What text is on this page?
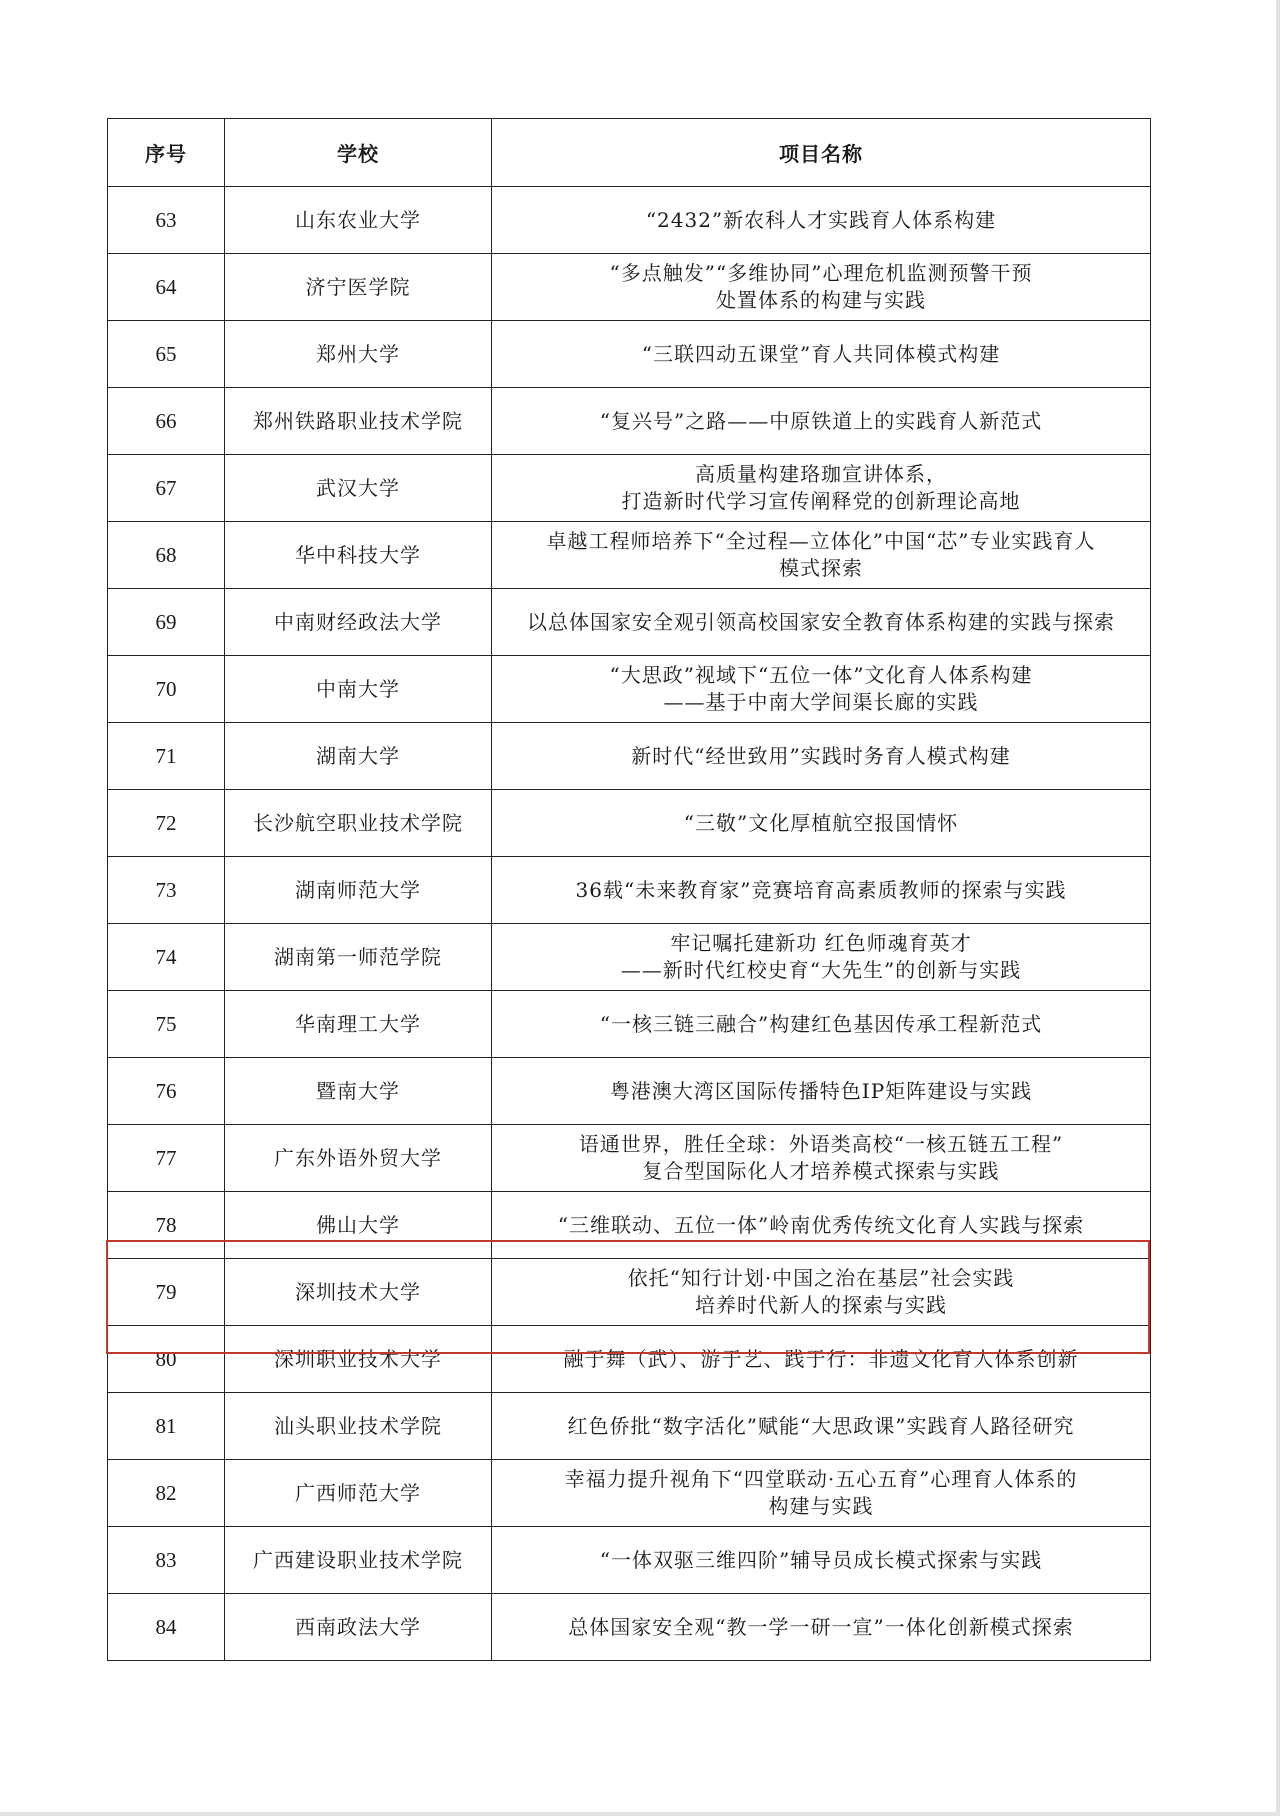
序号	学校	项目名称
63	山东农业大学	“2432”新农科人才实践育人体系构建

64	济宁医学院	“多点触发”“多维协同”心理危机监测预警干预
处置体系的构建与实践

65	郑州大学	“三联四动五课堂”育人共同体模式构建

66	郑州铁路职业技术学院	“复兴号”之路——中原铁道上的实践育人新范式

67	武汉大学	高质量构建珞珈宣讲体系，
打造新时代学习宣传阐释党的创新理论高地

68	华中科技大学	卓越工程师培养下“全过程—立体化”中国“芯”专业实践育人
模式探索

69	中南财经政法大学	以总体国家安全观引领高校国家安全教育体系构建的实践与探索

70	中南大学	“大思政”视域下“五位一体”文化育人体系构建
——基于中南大学间渠长廊的实践

71	湖南大学	新时代“经世致用”实践时务育人模式构建

72	长沙航空职业技术学院	“三敬”文化厚植航空报国情怀

73	湖南师范大学	36载“未来教育家”竞赛培育高素质教师的探索与实践

74	湖南第一师范学院	牢记嘱托建新功 红色师魂育英才
——新时代红校史育“大先生”的创新与实践

75	华南理工大学	“一核三链三融合”构建红色基因传承工程新范式

76	暨南大学	粤港澳大湾区国际传播特色IP矩阵建设与实践

77	广东外语外贸大学	语通世界，胜任全球：外语类高校“一核五链五工程”
复合型国际化人才培养模式探索与实践

78	佛山大学	“三维联动、五位一体”岭南优秀传统文化育人实践与探索

79	深圳技术大学	依托“知行计划·中国之治在基层”社会实践
培养时代新人的探索与实践

80	深圳职业技术大学	融于舞（武）、游于艺、践于行：非遗文化育人体系创新

81	汕头职业技术学院	红色侨批“数字活化”赋能“大思政课”实践育人路径研究

82	广西师范大学	幸福力提升视角下“四堂联动·五心五育”心理育人体系的
构建与实践

83	广西建设职业技术学院	“一体双驱三维四阶”辅导员成长模式探索与实践

84	西南政法大学	总体国家安全观“教一学一研一宣”一体化创新模式探索
